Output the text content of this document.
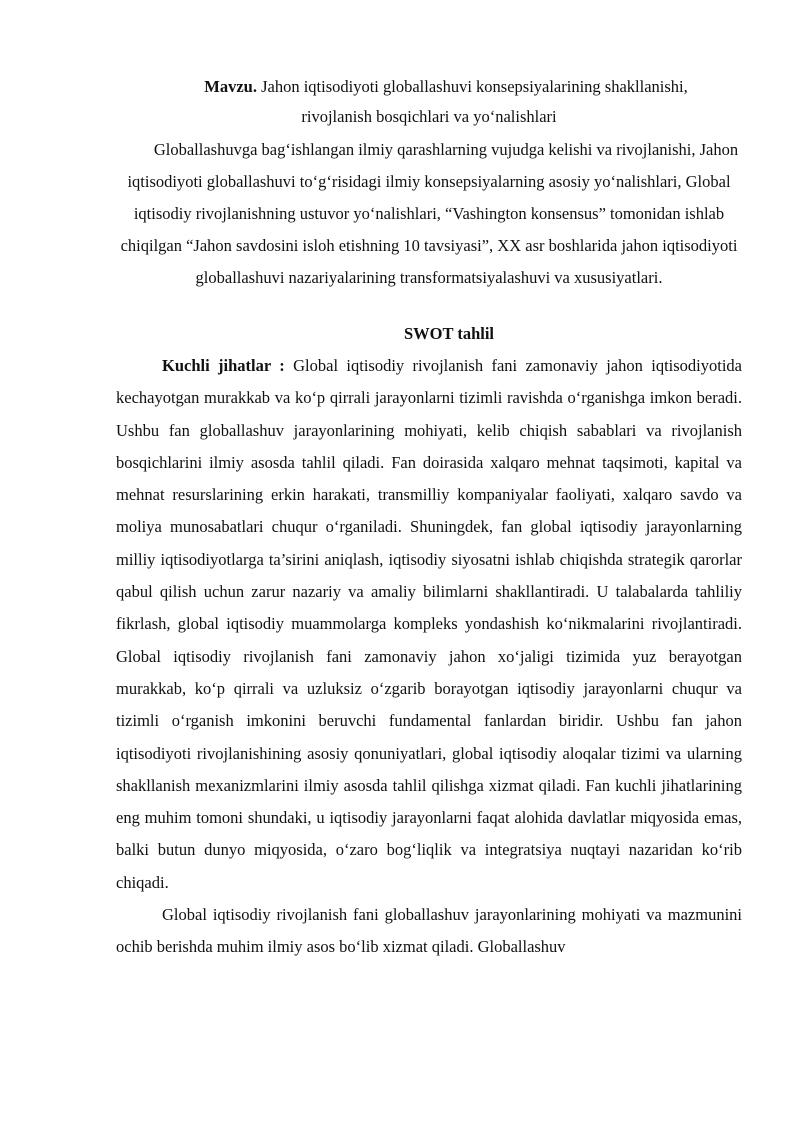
Mavzu. Jahon iqtisodiyoti globallashuvi konsepsiyalarining shakllanishi,
rivojlanish bosqichlari va yo‘nalishlari

Globallashuvga bag‘ishlangan ilmiy qarashlarning vujudga kelishi va rivojlanishi, Jahon iqtisodiyoti globallashuvi to‘g‘risidagi ilmiy konsepsiyalarning asosiy yo‘nalishlari, Global iqtisodiy rivojlanishning ustuvor yo‘nalishlari, “Vashington konsensus” tomonidan ishlab chiqilgan “Jahon savdosini isloh etishning 10 tavsiyasi”, XX asr boshlarida jahon iqtisodiyoti globallashuvi nazariyalarining transformatsiyalashuvi va xususiyatlari.

SWOT tahlil

Kuchli jihatlar : Global iqtisodiy rivojlanish fani zamonaviy jahon iqtisodiyotida kechayotgan murakkab va ko‘p qirrali jarayonlarni tizimli ravishda o‘rganishga imkon beradi. Ushbu fan globallashuv jarayonlarining mohiyati, kelib chiqish sabablari va rivojlanish bosqichlarini ilmiy asosda tahlil qiladi. Fan doirasida xalqaro mehnat taqsimoti, kapital va mehnat resurslarining erkin harakati, transmilliy kompaniyalar faoliyati, xalqaro savdo va moliya munosabatlari chuqur o‘rganiladi. Shuningdek, fan global iqtisodiy jarayonlarning milliy iqtisodiyotlarga ta’sirini aniqlash, iqtisodiy siyosatni ishlab chiqishda strategik qarorlar qabul qilish uchun zarur nazariy va amaliy bilimlarni shakllantiradi. U talabalarda tahliliy fikrlash, global iqtisodiy muammolarga kompleks yondashish ko‘nikmalarini rivojlantiradi. Global iqtisodiy rivojlanish fani zamonaviy jahon xo‘jaligi tizimida yuz berayotgan murakkab, ko‘p qirrali va uzluksiz o‘zgarib borayotgan iqtisodiy jarayonlarni chuqur va tizimli o‘rganish imkonini beruvchi fundamental fanlardan biridir. Ushbu fan jahon iqtisodiyoti rivojlanishining asosiy qonuniyatlari, global iqtisodiy aloqalar tizimi va ularning shakllanish mexanizmlarini ilmiy asosda tahlil qilishga xizmat qiladi. Fan kuchli jihatlarining eng muhim tomoni shundaki, u iqtisodiy jarayonlarni faqat alohida davlatlar miqyosida emas, balki butun dunyo miqyosida, o‘zaro bog‘liqlik va integratsiya nuqtayi nazaridan ko‘rib chiqadi.

Global iqtisodiy rivojlanish fani globallashuv jarayonlarining mohiyati va mazmunini ochib berishda muhim ilmiy asos bo‘lib xizmat qiladi. Globallashuv
